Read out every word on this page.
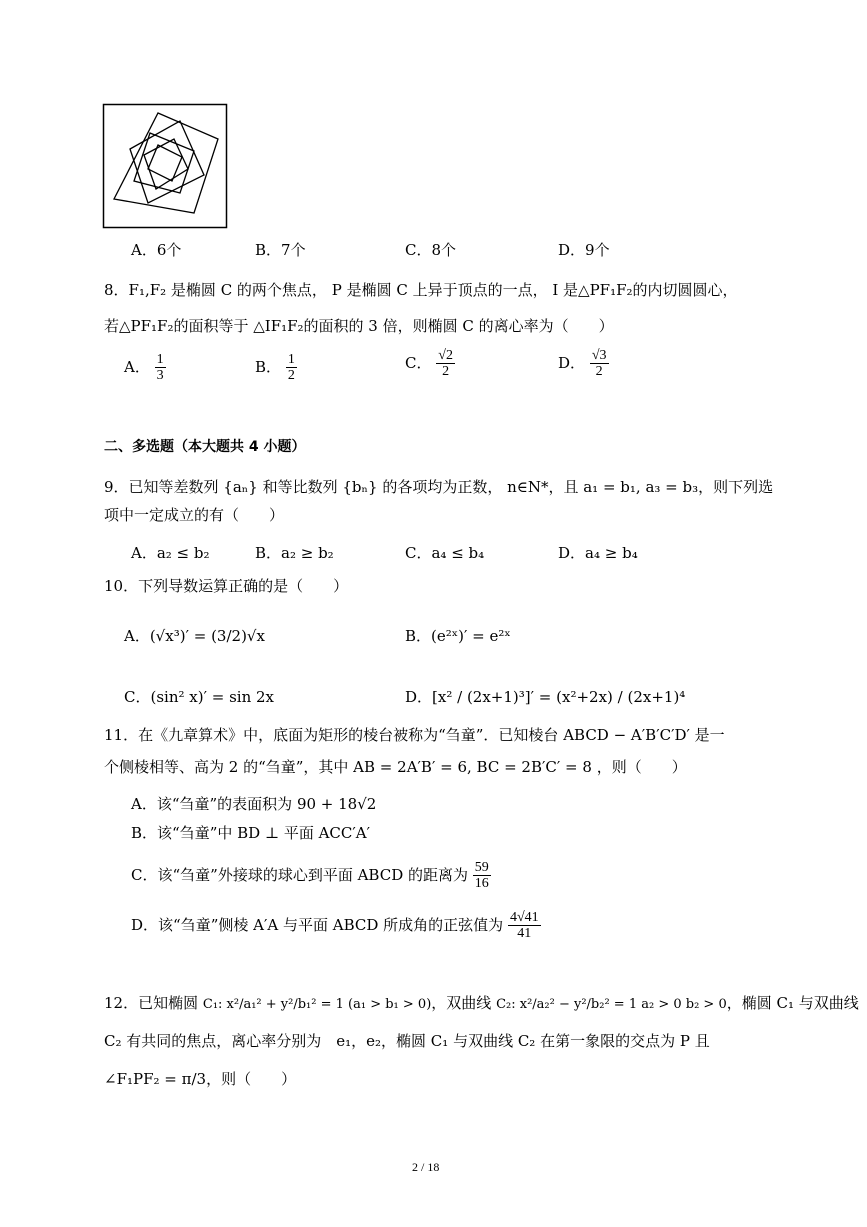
A．6个	B．7个	C．8个	D．9个
8．F₁,F₂ 是椭圆 C 的两个焦点， P 是椭圆 C 上异于顶点的一点， I 是△PF₁F₂的内切圆圆心，
若△PF₁F₂的面积等于 △IF₁F₂的面积的 3 倍，则椭圆 C 的离心率为（　　）
A． $\frac{1}{3}$	B． $\frac{1}{2}$	C． $\frac{√2}{2}$	D． $\frac{√3}{2}$
二、多选题（本大题共 4 小题）
9．已知等差数列 {aₙ} 和等比数列 {bₙ} 的各项均为正数， n∈N*，且 a₁ = b₁, a₃ = b₃，则下列选
项中一定成立的有（　　）
A．a₂ ≤ b₂	B．a₂ ≥ b₂	C．a₄ ≤ b₄	D．a₄ ≥ b₄
10．下列导数运算正确的是（　　）
A．(√x³)′ = (3/2)√x	B．(e²ˣ)′ = e²ˣ
C．(sin² x)′ = sin 2x	D．[x² / (2x+1)³]′ = (x²+2x) / (2x+1)⁴
11．在《九章算术》中，底面为矩形的棱台被称为“刍童”．已知棱台 ABCD − A′B′C′D′ 是一
个侧棱相等、高为 2 的“刍童”，其中 AB = 2A′B′ = 6, BC = 2B′C′ = 8 ，则（　　）
A．该“刍童”的表面积为 90 + 18√2
B．该“刍童”中 BD ⊥ 平面 ACC′A′
C．该“刍童”外接球的球心到平面 ABCD 的距离为 $\frac{59}{16}$
D．该“刍童”侧棱 A′A 与平面 ABCD 所成角的正弦值为 $\frac{4√41}{41}$
12．已知椭圆 C₁: x²/a₁² + y²/b₁² = 1 (a₁ > b₁ > 0)，双曲线 C₂: x²/a₂² − y²/b₂² = 1 a₂ > 0 b₂ > 0，椭圆 C₁ 与双曲线
C₂ 有共同的焦点，离心率分别为　e₁，e₂，椭圆 C₁ 与双曲线 C₂ 在第一象限的交点为 P 且
∠F₁PF₂ = π/3，则（　　）
2 / 18
